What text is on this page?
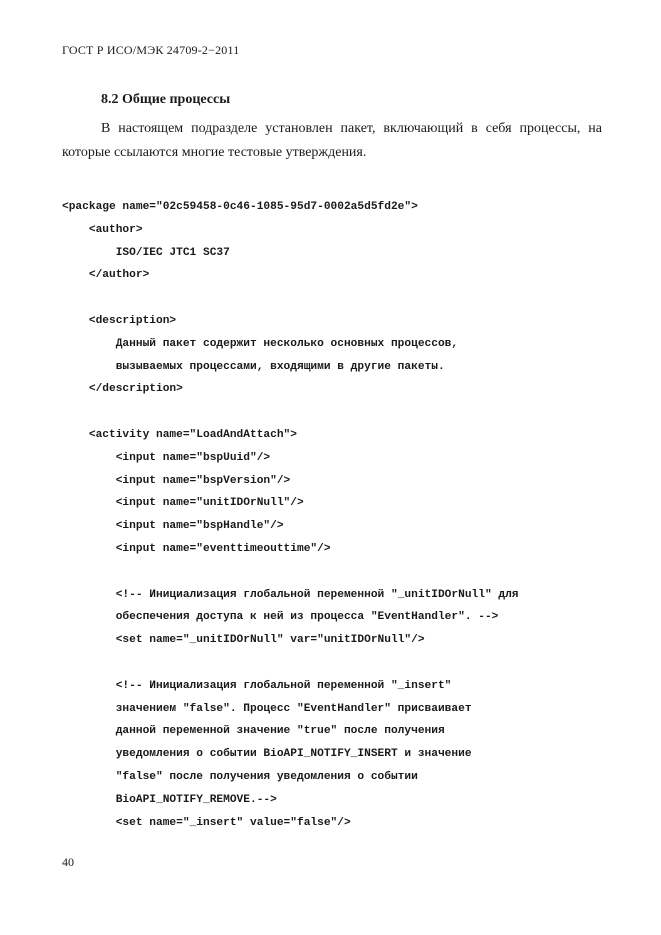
ГОСТ Р ИСО/МЭК 24709-2−2011
8.2 Общие процессы
В настоящем подразделе установлен пакет, включающий в себя процессы, на которые ссылаются многие тестовые утверждения.
<package name="02c59458-0c46-1085-95d7-0002a5d5fd2e">
<author>
ISO/IEC JTC1 SC37
</author>
<description>
Данный пакет содержит несколько основных процессов,
вызываемых процессами, входящими в другие пакеты.
</description>
<activity name="LoadAndAttach">
<input name="bspUuid"/>
<input name="bspVersion"/>
<input name="unitIDOrNull"/>
<input name="bspHandle"/>
<input name="eventtimeouttime"/>
<!-- Инициализация глобальной переменной "_unitIDOrNull" для
обеспечения доступа к ней из процесса "EventHandler". -->
<set name="_unitIDOrNull" var="unitIDOrNull"/>
<!-- Инициализация глобальной переменной "_insert"
значением "false". Процесс "EventHandler" присваивает
данной переменной значение "true" после получения
уведомления о событии BioAPI_NOTIFY_INSERT и значение
"false" после получения уведомления о событии
BioAPI_NOTIFY_REMOVE.-->
<set name="_insert" value="false"/>
40
